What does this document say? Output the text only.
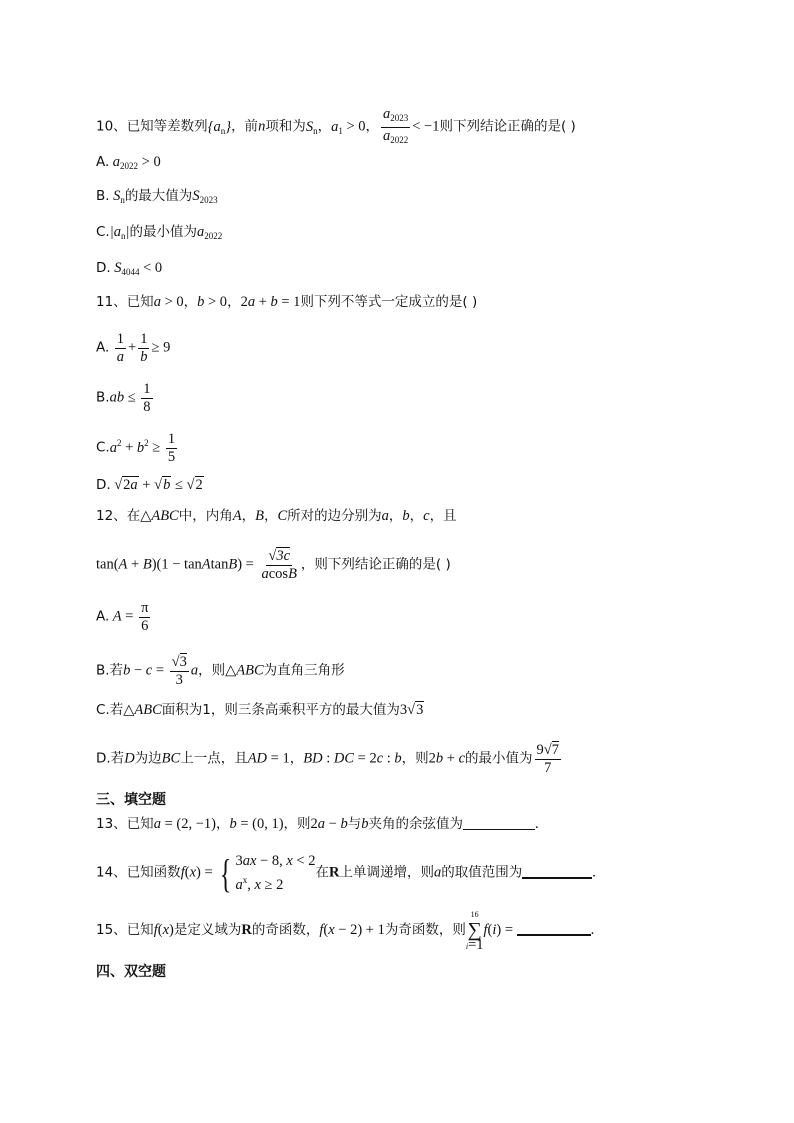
10、已知等差数列$\{a_n\}$，前n项和为$S_n$，$a_1 > 0$， $\frac{a_{2023}}{a_{2022}} < -1$则下列结论正确的是( )
A. $a_{2022} > 0$
B. $S_n$的最大值为$S_{2023}$
$C.|a_n|$的最小值为$a_{2022}$
D. $S_{4044} < 0$
11、已知a > 0，b > 0，2a + b = 1则下列不等式一定成立的是( )
A. $\frac{1}{a} + \frac{1}{b} \ge 9$
$B.ab \le \frac{1}{8}$
$C.a^2 + b^2 \ge \frac{1}{5}$
D. √2a + √b ≤ √2
12、在△ABC中，内角A，B，C所对的边分别为a，b，c，且
tan(A + B)(1 − tanAtanB) = $\frac{√3c}{acosB}$ ，则下列结论正确的是( )
A. $A = \frac{\pi}{6}$
B.若$b - c = \frac{√3}{3}$ a，则△ABC为直角三角形
C.若△ABC面积为1，则三条高乘积平方的最大值为3√3
D.若D为边BC上一点，且AD = 1，BD : DC = 2c : b，则2b + c的最小值为 $\frac{9√7}{7}$
三、填空题
13、已知a = (2, −1)，b = (0, 1)，则2a − b与b夹角的余弦值为	.
14、已知函数f(x) = { 3ax − 8, x < 2
$a^x$, x ≥ 2
在R上单调递增，则a的取值范围为	.
15、已知f(x)是定义域为R的奇函数，f(x − 2) + 1为奇函数，则
16
∑
i=1
f(i) =	.
四、双空题
